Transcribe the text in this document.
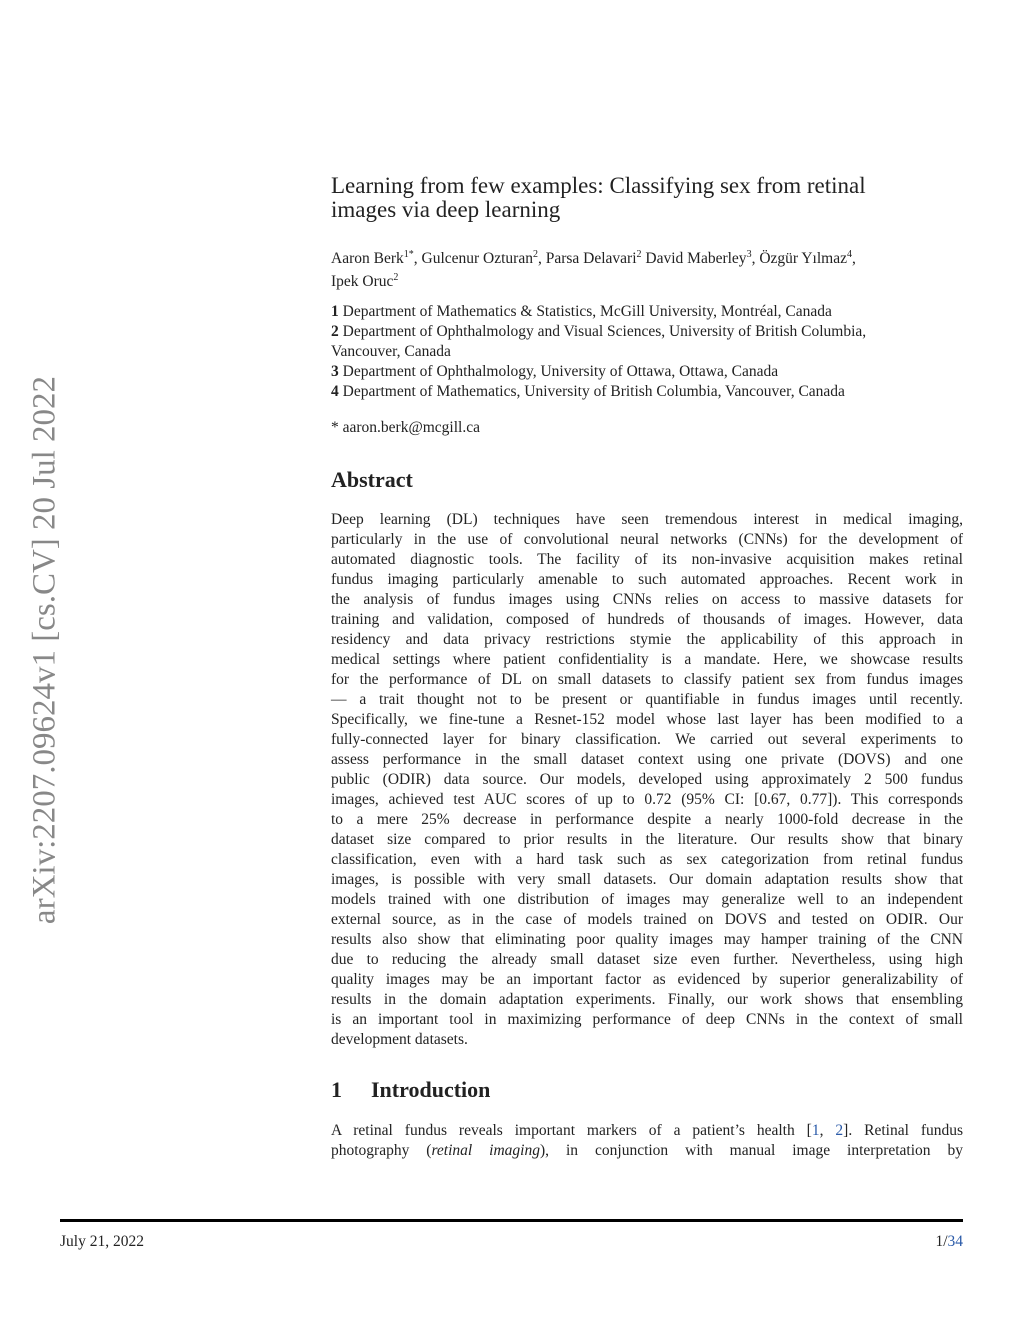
arXiv:2207.09624v1 [cs.CV] 20 Jul 2022
Learning from few examples: Classifying sex from retinal
images via deep learning
Aaron Berk$^{1*}$, Gulcenur Ozturan$^2$, Parsa Delavari$^2$ David Maberley$^3$, Özgür Yılmaz$^4$,
Ipek Oruc$^2$
1 Department of Mathematics & Statistics, McGill University, Montréal, Canada
2 Department of Ophthalmology and Visual Sciences, University of British Columbia,
Vancouver, Canada
3 Department of Ophthalmology, University of Ottawa, Ottawa, Canada
4 Department of Mathematics, University of British Columbia, Vancouver, Canada
* aaron.berk@mcgill.ca
Abstract
Deep learning (DL) techniques have seen tremendous interest in medical imaging,
particularly in the use of convolutional neural networks (CNNs) for the development of
automated diagnostic tools. The facility of its non-invasive acquisition makes retinal
fundus imaging particularly amenable to such automated approaches. Recent work in
the analysis of fundus images using CNNs relies on access to massive datasets for
training and validation, composed of hundreds of thousands of images. However, data
residency and data privacy restrictions stymie the applicability of this approach in
medical settings where patient confidentiality is a mandate. Here, we showcase results
for the performance of DL on small datasets to classify patient sex from fundus images
— a trait thought not to be present or quantifiable in fundus images until recently.
Specifically, we fine-tune a Resnet-152 model whose last layer has been modified to a
fully-connected layer for binary classification. We carried out several experiments to
assess performance in the small dataset context using one private (DOVS) and one
public (ODIR) data source. Our models, developed using approximately 2 500 fundus
images, achieved test AUC scores of up to 0.72 (95% CI: [0.67, 0.77]). This corresponds
to a mere 25% decrease in performance despite a nearly 1000-fold decrease in the
dataset size compared to prior results in the literature. Our results show that binary
classification, even with a hard task such as sex categorization from retinal fundus
images, is possible with very small datasets. Our domain adaptation results show that
models trained with one distribution of images may generalize well to an independent
external source, as in the case of models trained on DOVS and tested on ODIR. Our
results also show that eliminating poor quality images may hamper training of the CNN
due to reducing the already small dataset size even further. Nevertheless, using high
quality images may be an important factor as evidenced by superior generalizability of
results in the domain adaptation experiments. Finally, our work shows that ensembling
is an important tool in maximizing performance of deep CNNs in the context of small
development datasets.
1 Introduction
A retinal fundus reveals important markers of a patient’s health [1, 2]. Retinal fundus
photography (retinal imaging), in conjunction with manual image interpretation by
July 21, 2022	1/34
